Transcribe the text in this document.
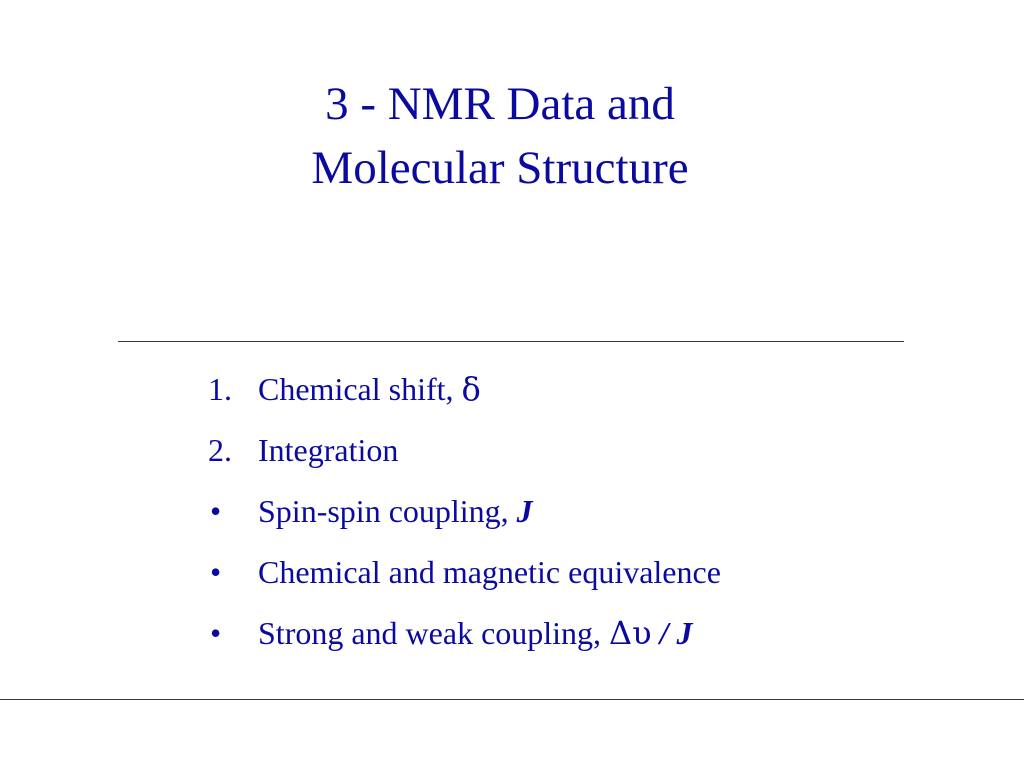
3 - NMR Data and
Molecular Structure
1. Chemical shift, δ
2. Integration
• Spin-spin coupling, J
• Chemical and magnetic equivalence
• Strong and weak coupling, Δυ / J
